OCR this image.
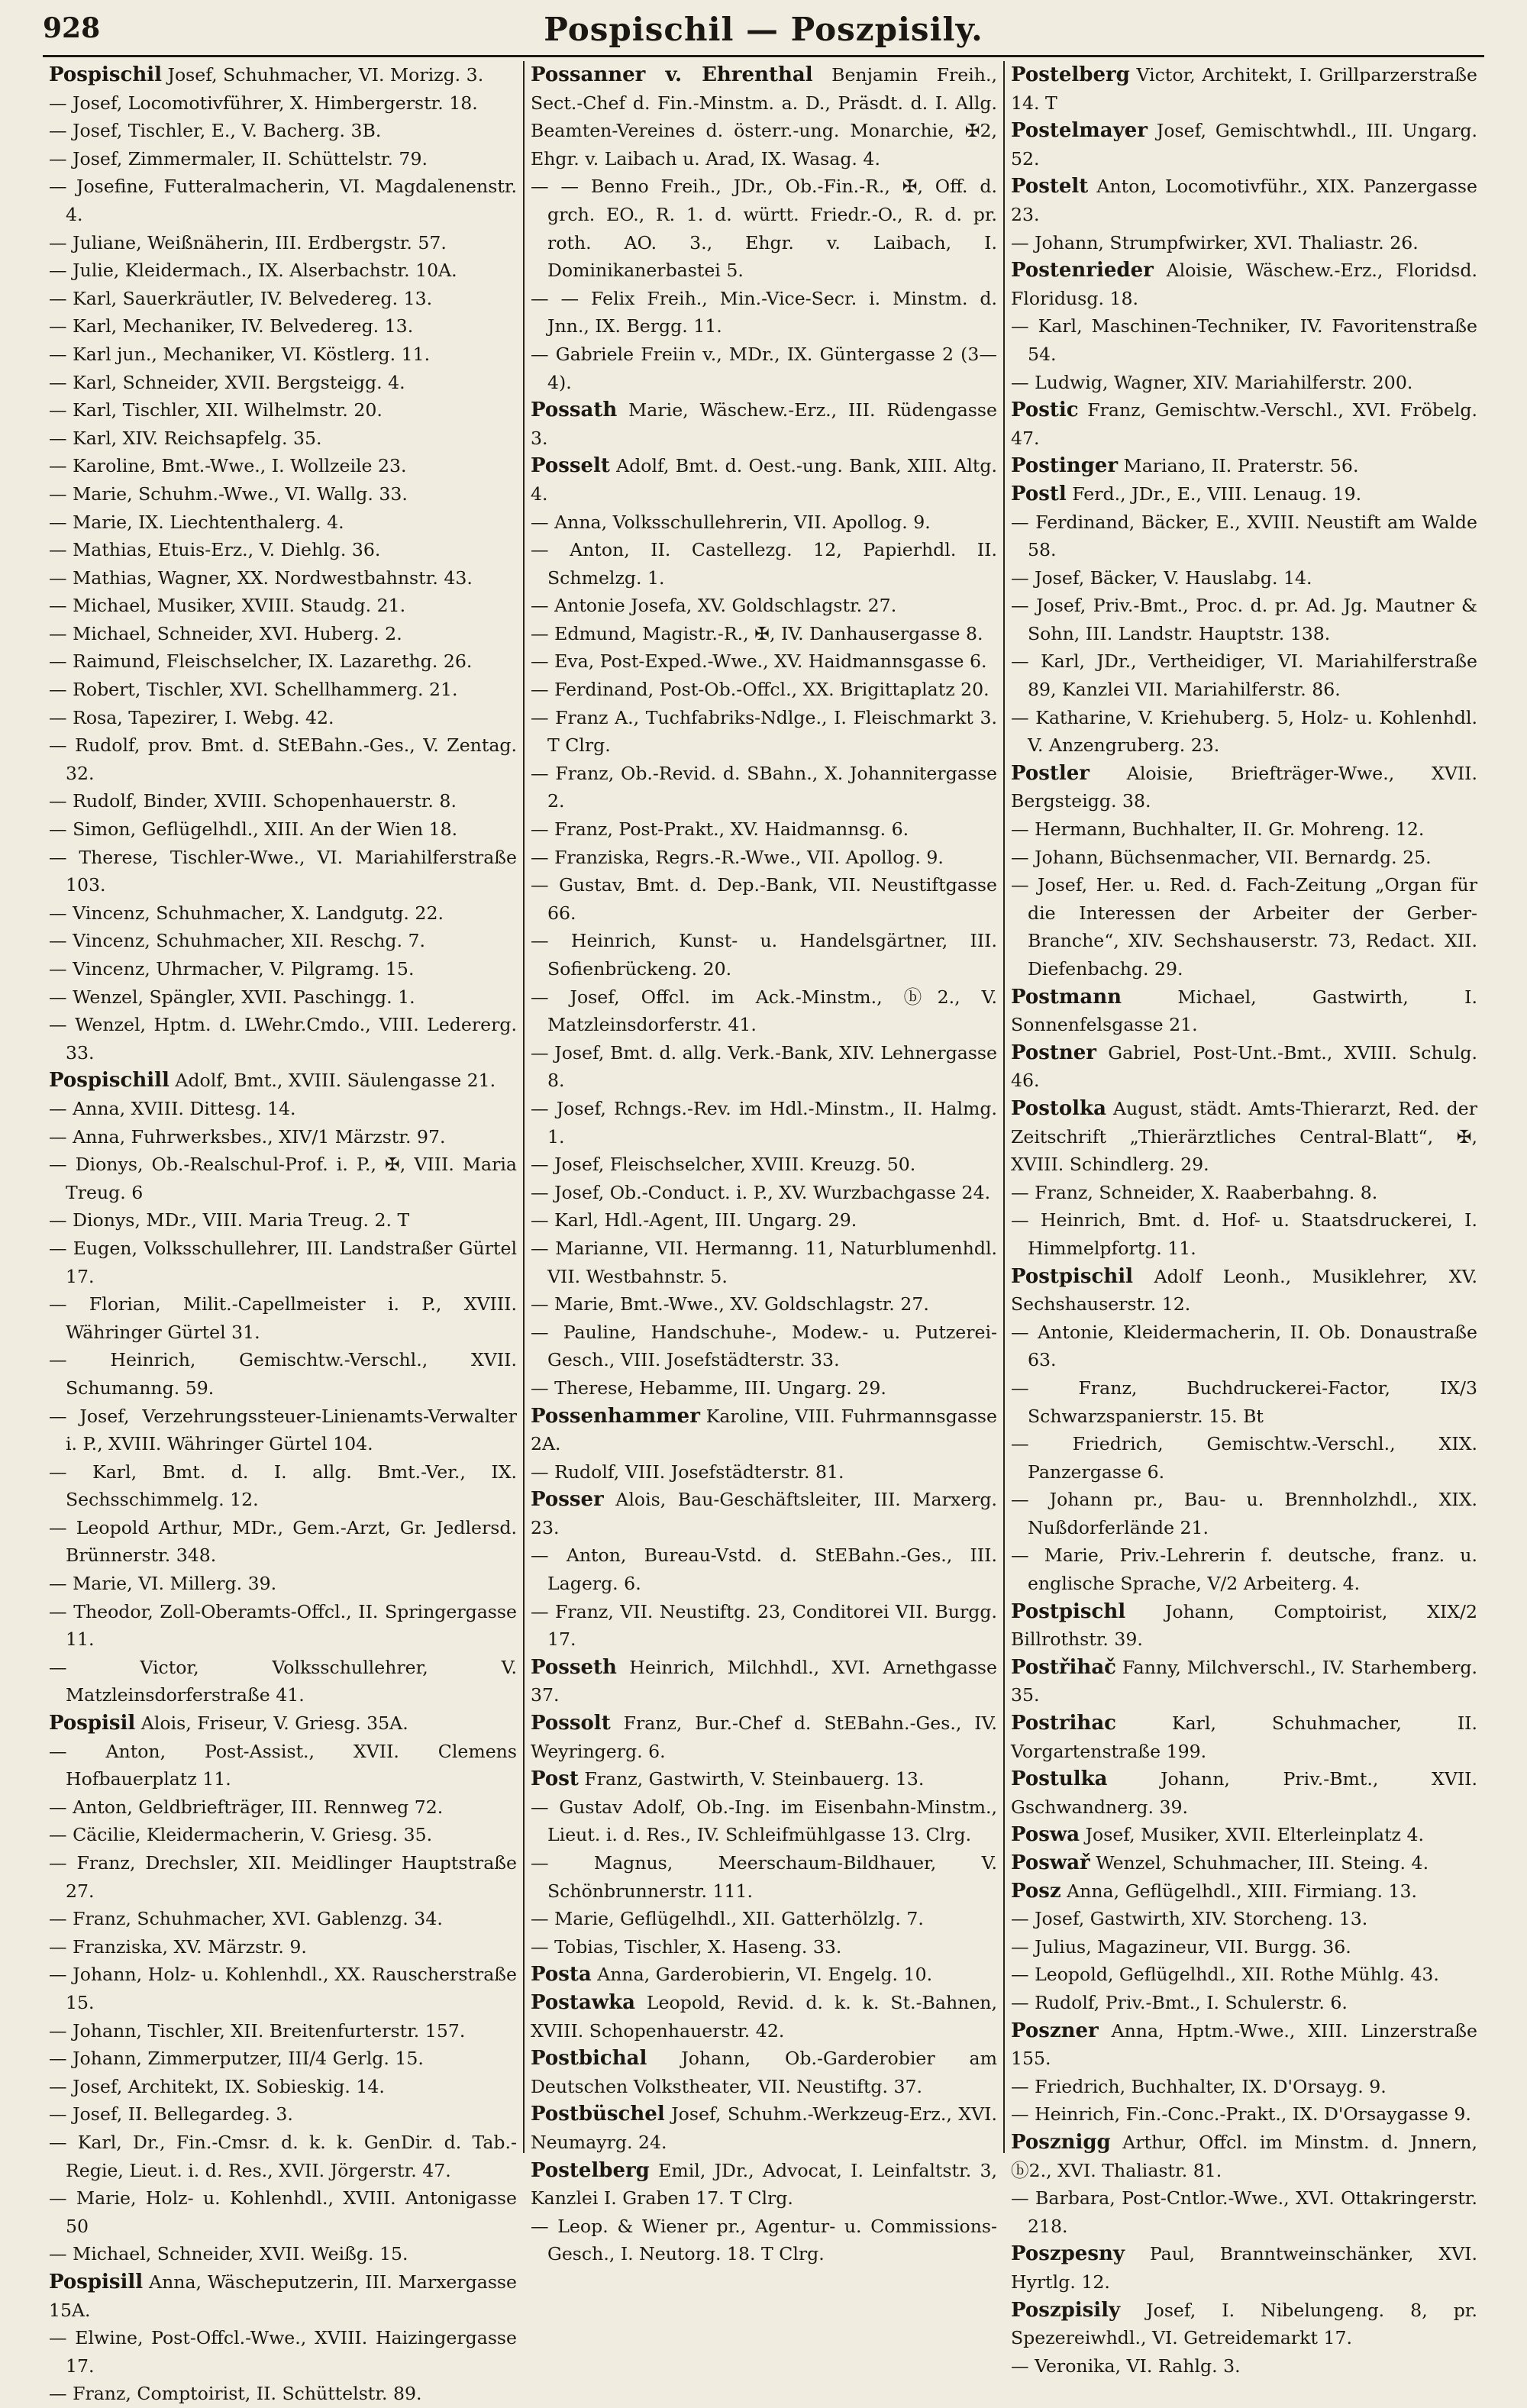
928	Pospischil — Poszpisily.
Pospischil Josef, Schuhmacher, VI. Morizg. 3.
— Josef, Locomotivführer, X. Himbergerstr. 18.
— Josef, Tischler, E., V. Bacherg. 3B.
— Josef, Zimmermaler, II. Schüttelstr. 79.
— Josefine, Futteralmacherin, VI. Magdalenenstr. 4.
— Juliane, Weißnäherin, III. Erdbergstr. 57.
— Julie, Kleidermach., IX. Alserbachstr. 10A.
— Karl, Sauerkräutler, IV. Belvedereg. 13.
— Karl, Mechaniker, IV. Belvedereg. 13.
— Karl jun., Mechaniker, VI. Köstlerg. 11.
— Karl, Schneider, XVII. Bergsteigg. 4.
— Karl, Tischler, XII. Wilhelmstr. 20.
— Karl, XIV. Reichsapfelg. 35.
— Karoline, Bmt.-Wwe., I. Wollzeile 23.
— Marie, Schuhm.-Wwe., VI. Wallg. 33.
— Marie, IX. Liechtenthalerg. 4.
— Mathias, Etuis-Erz., V. Diehlg. 36.
— Mathias, Wagner, XX. Nordwestbahnstr. 43.
— Michael, Musiker, XVIII. Staudg. 21.
— Michael, Schneider, XVI. Huberg. 2.
— Raimund, Fleischselcher, IX. Lazarethg. 26.
— Robert, Tischler, XVI. Schellhammerg. 21.
— Rosa, Tapezirer, I. Webg. 42.
— Rudolf, prov. Bmt. d. StEBahn.-Ges., V. Zentag. 32.
— Rudolf, Binder, XVIII. Schopenhauerstr. 8.
— Simon, Geflügelhdl., XIII. An der Wien 18.
— Therese, Tischler-Wwe., VI. Mariahilferstraße 103.
— Vincenz, Schuhmacher, X. Landgutg. 22.
— Vincenz, Schuhmacher, XII. Reschg. 7.
— Vincenz, Uhrmacher, V. Pilgramg. 15.
— Wenzel, Spängler, XVII. Paschingg. 1.
— Wenzel, Hptm. d. LWehr.Cmdo., VIII. Ledererg. 33.
Pospischill Adolf, Bmt., XVIII. Säulengasse 21.
— Anna, XVIII. Dittesg. 14.
— Anna, Fuhrwerksbes., XIV/1 Märzstr. 97.
— Dionys, Ob.-Realschul-Prof. i. P., ✠, VIII. Maria Treug. 6
— Dionys, MDr., VIII. Maria Treug. 2. T
— Eugen, Volksschullehrer, III. Landstraßer Gürtel 17.
— Florian, Milit.-Capellmeister i. P., XVIII. Währinger Gürtel 31.
— Heinrich, Gemischtw.-Verschl., XVII. Schumanng. 59.
— Josef, Verzehrungssteuer-Linienamts-Verwalter i. P., XVIII. Währinger Gürtel 104.
— Karl, Bmt. d. I. allg. Bmt.-Ver., IX. Sechsschimmelg. 12.
— Leopold Arthur, MDr., Gem.-Arzt, Gr. Jedlersd. Brünnerstr. 348.
— Marie, VI. Millerg. 39.
— Theodor, Zoll-Oberamts-Offcl., II. Springergasse 11.
— Victor, Volksschullehrer, V. Matzleinsdorferstraße 41.
Pospisil Alois, Friseur, V. Griesg. 35A.
— Anton, Post-Assist., XVII. Clemens Hofbauerplatz 11.
— Anton, Geldbriefträger, III. Rennweg 72.
— Cäcilie, Kleidermacherin, V. Griesg. 35.
— Franz, Drechsler, XII. Meidlinger Hauptstraße 27.
— Franz, Schuhmacher, XVI. Gablenzg. 34.
— Franziska, XV. Märzstr. 9.
— Johann, Holz- u. Kohlenhdl., XX. Rauscherstraße 15.
— Johann, Tischler, XII. Breitenfurterstr. 157.
— Johann, Zimmerputzer, III/4 Gerlg. 15.
— Josef, Architekt, IX. Sobieskig. 14.
— Josef, II. Bellegardeg. 3.
— Karl, Dr., Fin.-Cmsr. d. k. k. GenDir. d. Tab.-Regie, Lieut. i. d. Res., XVII. Jörgerstr. 47.
— Marie, Holz- u. Kohlenhdl., XVIII. Antonigasse 50
— Michael, Schneider, XVII. Weißg. 15.
Pospisill Anna, Wäscheputzerin, III. Marxergasse 15A.
— Elwine, Post-Offcl.-Wwe., XVIII. Haizingergasse 17.
— Franz, Comptoirist, II. Schüttelstr. 89.
Possanner v. Ehrenthal Benjamin Freih., Sect.-Chef d. Fin.-Minstm. a. D., Präsdt. d. I. Allg. Beamten-Vereines d. österr.-ung. Monarchie, ✠2, Ehgr. v. Laibach u. Arad, IX. Wasag. 4.
— — Benno Freih., JDr., Ob.-Fin.-R., ✠, Off. d. grch. EO., R. 1. d. württ. Friedr.-O., R. d. pr. roth. AO. 3., Ehgr. v. Laibach, I. Dominikanerbastei 5.
— — Felix Freih., Min.-Vice-Secr. i. Minstm. d. Jnn., IX. Bergg. 11.
— Gabriele Freiin v., MDr., IX. Güntergasse 2 (3—4).
Possath Marie, Wäschew.-Erz., III. Rüdengasse 3.
Posselt Adolf, Bmt. d. Oest.-ung. Bank, XIII. Altg. 4.
— Anna, Volksschullehrerin, VII. Apollog. 9.
— Anton, II. Castellezg. 12, Papierhdl. II. Schmelzg. 1.
— Antonie Josefa, XV. Goldschlagstr. 27.
— Edmund, Magistr.-R., ✠, IV. Danhausergasse 8.
— Eva, Post-Exped.-Wwe., XV. Haidmannsgasse 6.
— Ferdinand, Post-Ob.-Offcl., XX. Brigittaplatz 20.
— Franz A., Tuchfabriks-Ndlge., I. Fleischmarkt 3. T Clrg.
— Franz, Ob.-Revid. d. SBahn., X. Johannitergasse 2.
— Franz, Post-Prakt., XV. Haidmannsg. 6.
— Franziska, Regrs.-R.-Wwe., VII. Apollog. 9.
— Gustav, Bmt. d. Dep.-Bank, VII. Neustiftgasse 66.
— Heinrich, Kunst- u. Handelsgärtner, III. Sofienbrückeng. 20.
— Josef, Offcl. im Ack.-Minstm., ⓑ2., V. Matzleinsdorferstr. 41.
— Josef, Bmt. d. allg. Verk.-Bank, XIV. Lehnergasse 8.
— Josef, Rchngs.-Rev. im Hdl.-Minstm., II. Halmg. 1.
— Josef, Fleischselcher, XVIII. Kreuzg. 50.
— Josef, Ob.-Conduct. i. P., XV. Wurzbachgasse 24.
— Karl, Hdl.-Agent, III. Ungarg. 29.
— Marianne, VII. Hermanng. 11, Naturblumenhdl. VII. Westbahnstr. 5.
— Marie, Bmt.-Wwe., XV. Goldschlagstr. 27.
— Pauline, Handschuhe-, Modew.- u. Putzerei-Gesch., VIII. Josefstädterstr. 33.
— Therese, Hebamme, III. Ungarg. 29.
Possenhammer Karoline, VIII. Fuhrmannsgasse 2A.
— Rudolf, VIII. Josefstädterstr. 81.
Posser Alois, Bau-Geschäftsleiter, III. Marxerg. 23.
— Anton, Bureau-Vstd. d. StEBahn.-Ges., III. Lagerg. 6.
— Franz, VII. Neustiftg. 23, Conditorei VII. Burgg. 17.
Posseth Heinrich, Milchhdl., XVI. Arnethgasse 37.
Possolt Franz, Bur.-Chef d. StEBahn.-Ges., IV. Weyringerg. 6.
Post Franz, Gastwirth, V. Steinbauerg. 13.
— Gustav Adolf, Ob.-Ing. im Eisenbahn-Minstm., Lieut. i. d. Res., IV. Schleifmühlgasse 13. Clrg.
— Magnus, Meerschaum-Bildhauer, V. Schönbrunnerstr. 111.
— Marie, Geflügelhdl., XII. Gatterhölzlg. 7.
— Tobias, Tischler, X. Haseng. 33.
Posta Anna, Garderobierin, VI. Engelg. 10.
Postawka Leopold, Revid. d. k. k. St.-Bahnen, XVIII. Schopenhauerstr. 42.
Postbichal Johann, Ob.-Garderobier am Deutschen Volkstheater, VII. Neustiftg. 37.
Postbüschel Josef, Schuhm.-Werkzeug-Erz., XVI. Neumayrg. 24.
Postelberg Emil, JDr., Advocat, I. Leinfaltstr. 3, Kanzlei I. Graben 17. T Clrg.
— Leop. & Wiener pr., Agentur- u. Commissions-Gesch., I. Neutorg. 18. T Clrg.
Postelberg Victor, Architekt, I. Grillparzerstraße 14. T
Postelmayer Josef, Gemischtwhdl., III. Ungarg. 52.
Postelt Anton, Locomotivführ., XIX. Panzergasse 23.
— Johann, Strumpfwirker, XVI. Thaliastr. 26.
Postenrieder Aloisie, Wäschew.-Erz., Floridsd. Floridusg. 18.
— Karl, Maschinen-Techniker, IV. Favoritenstraße 54.
— Ludwig, Wagner, XIV. Mariahilferstr. 200.
Postic Franz, Gemischtw.-Verschl., XVI. Fröbelg. 47.
Postinger Mariano, II. Praterstr. 56.
Postl Ferd., JDr., E., VIII. Lenaug. 19.
— Ferdinand, Bäcker, E., XVIII. Neustift am Walde 58.
— Josef, Bäcker, V. Hauslabg. 14.
— Josef, Priv.-Bmt., Proc. d. pr. Ad. Jg. Mautner & Sohn, III. Landstr. Hauptstr. 138.
— Karl, JDr., Vertheidiger, VI. Mariahilferstraße 89, Kanzlei VII. Mariahilferstr. 86.
— Katharine, V. Kriehuberg. 5, Holz- u. Kohlenhdl. V. Anzengruberg. 23.
Postler Aloisie, Briefträger-Wwe., XVII. Bergsteigg. 38.
— Hermann, Buchhalter, II. Gr. Mohreng. 12.
— Johann, Büchsenmacher, VII. Bernardg. 25.
— Josef, Her. u. Red. d. Fach-Zeitung „Organ für die Interessen der Arbeiter der Gerber-Branche“, XIV. Sechshauserstr. 73, Redact. XII. Diefenbachg. 29.
Postmann Michael, Gastwirth, I. Sonnenfelsgasse 21.
Postner Gabriel, Post-Unt.-Bmt., XVIII. Schulg. 46.
Postolka August, städt. Amts-Thierarzt, Red. der Zeitschrift „Thierärztliches Central-Blatt“, ✠, XVIII. Schindlerg. 29.
— Franz, Schneider, X. Raaberbahng. 8.
— Heinrich, Bmt. d. Hof- u. Staatsdruckerei, I. Himmelpfortg. 11.
Postpischil Adolf Leonh., Musiklehrer, XV. Sechshauserstr. 12.
— Antonie, Kleidermacherin, II. Ob. Donaustraße 63.
— Franz, Buchdruckerei-Factor, IX/3 Schwarzspanierstr. 15. Bt
— Friedrich, Gemischtw.-Verschl., XIX. Panzergasse 6.
— Johann pr., Bau- u. Brennholzhdl., XIX. Nußdorferlände 21.
— Marie, Priv.-Lehrerin f. deutsche, franz. u. englische Sprache, V/2 Arbeiterg. 4.
Postpischl Johann, Comptoirist, XIX/2 Billrothstr. 39.
Postřihač Fanny, Milchverschl., IV. Starhemberg. 35.
Postrihac Karl, Schuhmacher, II. Vorgartenstraße 199.
Postulka Johann, Priv.-Bmt., XVII. Gschwandnerg. 39.
Poswa Josef, Musiker, XVII. Elterleinplatz 4.
Poswař Wenzel, Schuhmacher, III. Steing. 4.
Posz Anna, Geflügelhdl., XIII. Firmiang. 13.
— Josef, Gastwirth, XIV. Storcheng. 13.
— Julius, Magazineur, VII. Burgg. 36.
— Leopold, Geflügelhdl., XII. Rothe Mühlg. 43.
— Rudolf, Priv.-Bmt., I. Schulerstr. 6.
Poszner Anna, Hptm.-Wwe., XIII. Linzerstraße 155.
— Friedrich, Buchhalter, IX. D'Orsayg. 9.
— Heinrich, Fin.-Conc.-Prakt., IX. D'Orsaygasse 9.
Posznigg Arthur, Offcl. im Minstm. d. Jnnern, ⓑ2., XVI. Thaliastr. 81.
— Barbara, Post-Cntlor.-Wwe., XVI. Ottakringerstr. 218.
Poszpesny Paul, Branntweinschänker, XVI. Hyrtlg. 12.
Poszpisily Josef, I. Nibelungeng. 8, pr. Spezereiwhdl., VI. Getreidemarkt 17.
— Veronika, VI. Rahlg. 3.
